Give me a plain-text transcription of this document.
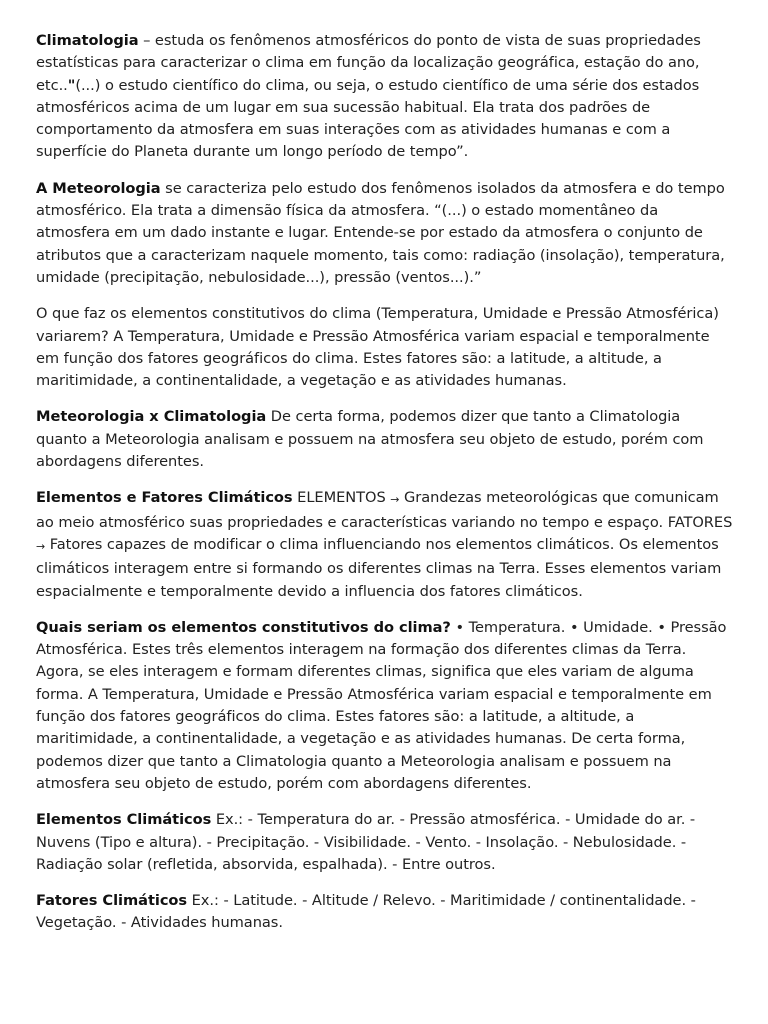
Climatologia – estuda os fenômenos atmosféricos do ponto de vista de suas propriedades estatísticas para caracterizar o clima em função da localização geográfica, estação do ano, etc.."(...) o estudo científico do clima, ou seja, o estudo científico de uma série dos estados atmosféricos acima de um lugar em sua sucessão habitual. Ela trata dos padrões de comportamento da atmosfera em suas interações com as atividades humanas e com a superfície do Planeta durante um longo período de tempo”.

A Meteorologia se caracteriza pelo estudo dos fenômenos isolados da atmosfera e do tempo atmosférico. Ela trata a dimensão física da atmosfera. “(...) o estado momentâneo da atmosfera em um dado instante e lugar. Entende-se por estado da atmosfera o conjunto de atributos que a caracterizam naquele momento, tais como: radiação (insolação), temperatura, umidade (precipitação, nebulosidade...), pressão (ventos...).”

O que faz os elementos constitutivos do clima (Temperatura, Umidade e Pressão Atmosférica) variarem? A Temperatura, Umidade e Pressão Atmosférica variam espacial e temporalmente em função dos fatores geográficos do clima. Estes fatores são: a latitude, a altitude, a maritimidade, a continentalidade, a vegetação e as atividades humanas.

Meteorologia x Climatologia De certa forma, podemos dizer que tanto a Climatologia quanto a Meteorologia analisam e possuem na atmosfera seu objeto de estudo, porém com abordagens diferentes.

Elementos e Fatores Climáticos ELEMENTOS → Grandezas meteorológicas que comunicam ao meio atmosférico suas propriedades e características variando no tempo e espaço. FATORES → Fatores capazes de modificar o clima influenciando nos elementos climáticos. Os elementos climáticos interagem entre si formando os diferentes climas na Terra. Esses elementos variam espacialmente e temporalmente devido a influencia dos fatores climáticos.

Quais seriam os elementos constitutivos do clima? • Temperatura. • Umidade. • Pressão Atmosférica. Estes três elementos interagem na formação dos diferentes climas da Terra. Agora, se eles interagem e formam diferentes climas, significa que eles variam de alguma forma. A Temperatura, Umidade e Pressão Atmosférica variam espacial e temporalmente em função dos fatores geográficos do clima. Estes fatores são: a latitude, a altitude, a maritimidade, a continentalidade, a vegetação e as atividades humanas. De certa forma, podemos dizer que tanto a Climatologia quanto a Meteorologia analisam e possuem na atmosfera seu objeto de estudo, porém com abordagens diferentes.

Elementos Climáticos Ex.: - Temperatura do ar. - Pressão atmosférica. - Umidade do ar. - Nuvens (Tipo e altura). - Precipitação. - Visibilidade. - Vento. - Insolação. - Nebulosidade. - Radiação solar (refletida, absorvida, espalhada). - Entre outros.

Fatores Climáticos Ex.: - Latitude. - Altitude / Relevo. - Maritimidade / continentalidade. - Vegetação. - Atividades humanas.
